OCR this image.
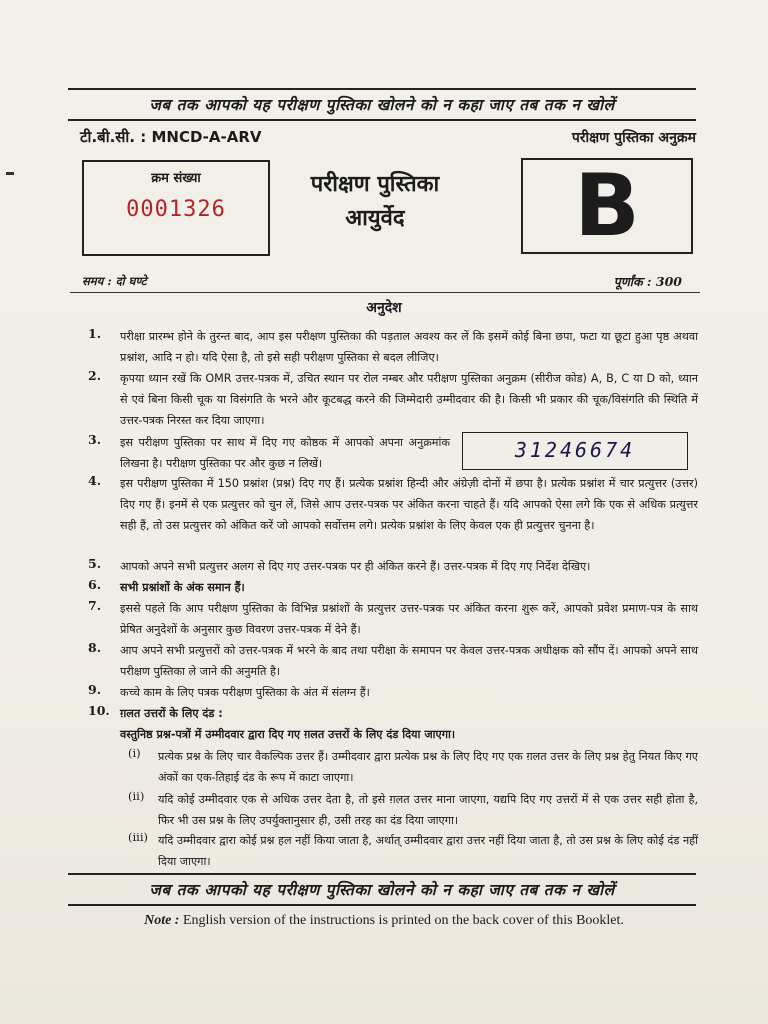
जब तक आपको यह परीक्षण पुस्तिका खोलने को न कहा जाए तब तक न खोलें
टी.बी.सी. : MNCD-A-ARV	परीक्षण पुस्तिका अनुक्रम
क्रम संख्या
0001326
परीक्षण पुस्तिका
आयुर्वेद	B
समय : दो घण्टे	पूर्णांक : 300
अनुदेश
1. परीक्षा प्रारम्भ होने के तुरन्त बाद, आप इस परीक्षण पुस्तिका की पड़ताल अवश्य कर लें कि इसमें कोई बिना छपा, फटा या छूटा हुआ पृष्ठ अथवा प्रश्नांश, आदि न हो। यदि ऐसा है, तो इसे सही परीक्षण पुस्तिका से बदल लीजिए।
2. कृपया ध्यान रखें कि OMR उत्तर-पत्रक में, उचित स्थान पर रोल नम्बर और परीक्षण पुस्तिका अनुक्रम (सीरीज कोड) A, B, C या D को, ध्यान से एवं बिना किसी चूक या विसंगति के भरने और कूटबद्ध करने की जिम्मेदारी उम्मीदवार की है। किसी भी प्रकार की चूक/विसंगति की स्थिति में उत्तर-पत्रक निरस्त कर दिया जाएगा।
3. इस परीक्षण पुस्तिका पर साथ में दिए गए कोष्ठक में आपको अपना अनुक्रमांक लिखना है। परीक्षण पुस्तिका पर और कुछ न लिखें।
31246674
4. इस परीक्षण पुस्तिका में 150 प्रश्नांश (प्रश्न) दिए गए हैं। प्रत्येक प्रश्नांश हिन्दी और अंग्रेज़ी दोनों में छपा है। प्रत्येक प्रश्नांश में चार प्रत्युत्तर (उत्तर) दिए गए हैं। इनमें से एक प्रत्युत्तर को चुन लें, जिसे आप उत्तर-पत्रक पर अंकित करना चाहते हैं। यदि आपको ऐसा लगे कि एक से अधिक प्रत्युत्तर सही हैं, तो उस प्रत्युत्तर को अंकित करें जो आपको सर्वोत्तम लगे। प्रत्येक प्रश्नांश के लिए केवल एक ही प्रत्युत्तर चुनना है।
5. आपको अपने सभी प्रत्युत्तर अलग से दिए गए उत्तर-पत्रक पर ही अंकित करने हैं। उत्तर-पत्रक में दिए गए निर्देश देखिए।
6. सभी प्रश्नांशों के अंक समान हैं।
7. इससे पहले कि आप परीक्षण पुस्तिका के विभिन्न प्रश्नांशों के प्रत्युत्तर उत्तर-पत्रक पर अंकित करना शुरू करें, आपको प्रवेश प्रमाण-पत्र के साथ प्रेषित अनुदेशों के अनुसार कुछ विवरण उत्तर-पत्रक में देने हैं।
8. आप अपने सभी प्रत्युत्तरों को उत्तर-पत्रक में भरने के बाद तथा परीक्षा के समापन पर केवल उत्तर-पत्रक अधीक्षक को सौंप दें। आपको अपने साथ परीक्षण पुस्तिका ले जाने की अनुमति है।
9. कच्चे काम के लिए पत्रक परीक्षण पुस्तिका के अंत में संलग्न हैं।
10. ग़लत उत्तरों के लिए दंड :
वस्तुनिष्ठ प्रश्न-पत्रों में उम्मीदवार द्वारा दिए गए ग़लत उत्तरों के लिए दंड दिया जाएगा।
(i) प्रत्येक प्रश्न के लिए चार वैकल्पिक उत्तर हैं। उम्मीदवार द्वारा प्रत्येक प्रश्न के लिए दिए गए एक ग़लत उत्तर के लिए प्रश्न हेतु नियत किए गए अंकों का एक-तिहाई दंड के रूप में काटा जाएगा।
(ii) यदि कोई उम्मीदवार एक से अधिक उत्तर देता है, तो इसे ग़लत उत्तर माना जाएगा, यद्यपि दिए गए उत्तरों में से एक उत्तर सही होता है, फिर भी उस प्रश्न के लिए उपर्युक्तानुसार ही, उसी तरह का दंड दिया जाएगा।
(iii) यदि उम्मीदवार द्वारा कोई प्रश्न हल नहीं किया जाता है, अर्थात् उम्मीदवार द्वारा उत्तर नहीं दिया जाता है, तो उस प्रश्न के लिए कोई दंड नहीं दिया जाएगा।
जब तक आपको यह परीक्षण पुस्तिका खोलने को न कहा जाए तब तक न खोलें
Note : English version of the instructions is printed on the back cover of this Booklet.
